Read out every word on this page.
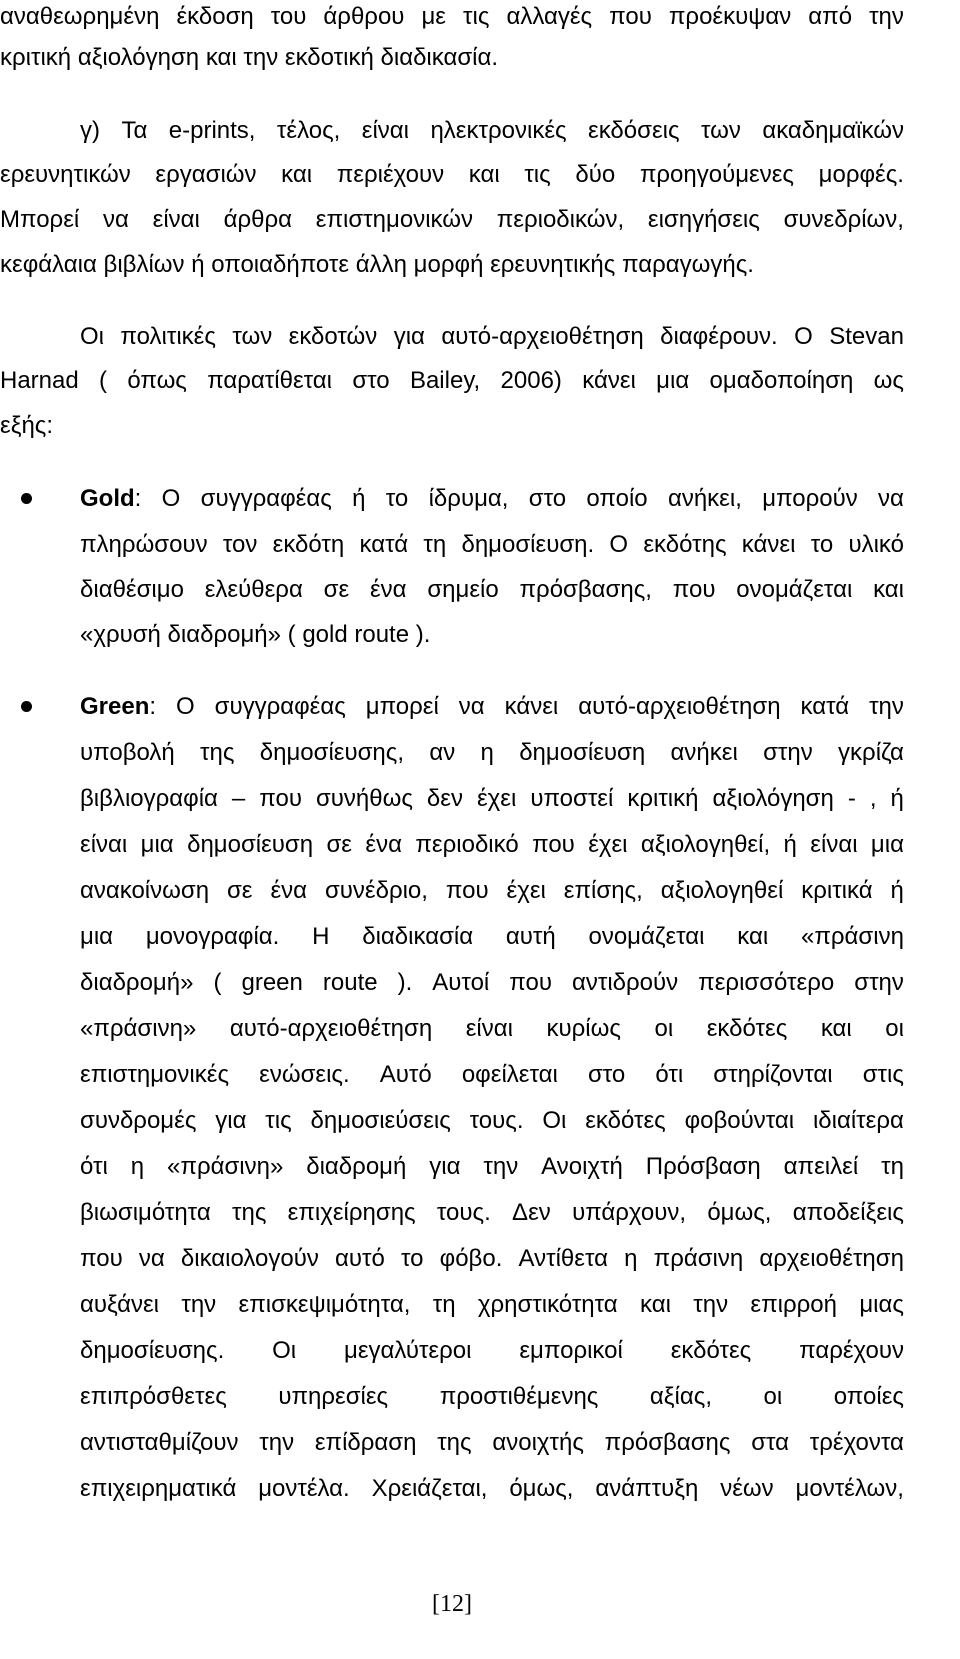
αναθεωρημένη έκδοση του άρθρου με τις αλλαγές που προέκυψαν από την
κριτική αξιολόγηση και την εκδοτική διαδικασία.
γ) Τα e-prints, τέλος, είναι ηλεκτρονικές εκδόσεις των ακαδημαϊκών
ερευνητικών εργασιών και περιέχουν και τις δύο προηγούμενες μορφές.
Μπορεί να είναι άρθρα επιστημονικών περιοδικών, εισηγήσεις συνεδρίων,
κεφάλαια βιβλίων ή οποιαδήποτε άλλη μορφή ερευνητικής παραγωγής.
Οι πολιτικές των εκδοτών για αυτό-αρχειοθέτηση διαφέρουν. Ο Stevan
Harnad ( όπως παρατίθεται στο Bailey, 2006) κάνει μια ομαδοποίηση ως
εξής:
Gold: Ο συγγραφέας ή το ίδρυμα, στο οποίο ανήκει, μπορούν να
πληρώσουν τον εκδότη κατά τη δημοσίευση. Ο εκδότης κάνει το υλικό
διαθέσιμο ελεύθερα σε ένα σημείο πρόσβασης, που ονομάζεται και
«χρυσή διαδρομή» ( gold route ).
Green: Ο συγγραφέας μπορεί να κάνει αυτό-αρχειοθέτηση κατά την
υποβολή της δημοσίευσης, αν η δημοσίευση ανήκει στην γκρίζα
βιβλιογραφία – που συνήθως δεν έχει υποστεί κριτική αξιολόγηση - , ή
είναι μια δημοσίευση σε ένα περιοδικό που έχει αξιολογηθεί, ή είναι μια
ανακοίνωση σε ένα συνέδριο, που έχει επίσης, αξιολογηθεί κριτικά ή
μια μονογραφία. Η διαδικασία αυτή ονομάζεται και «πράσινη
διαδρομή» ( green route ). Αυτοί που αντιδρούν περισσότερο στην
«πράσινη» αυτό-αρχειοθέτηση είναι κυρίως οι εκδότες και οι
επιστημονικές ενώσεις. Αυτό οφείλεται στο ότι στηρίζονται στις
συνδρομές για τις δημοσιεύσεις τους. Οι εκδότες φοβούνται ιδιαίτερα
ότι η «πράσινη» διαδρομή για την Ανοιχτή Πρόσβαση απειλεί τη
βιωσιμότητα της επιχείρησης τους. Δεν υπάρχουν, όμως, αποδείξεις
που να δικαιολογούν αυτό το φόβο. Αντίθετα η πράσινη αρχειοθέτηση
αυξάνει την επισκεψιμότητα, τη χρηστικότητα και την επιρροή μιας
δημοσίευσης. Οι μεγαλύτεροι εμπορικοί εκδότες παρέχουν
επιπρόσθετες υπηρεσίες προστιθέμενης αξίας, οι οποίες
αντισταθμίζουν την επίδραση της ανοιχτής πρόσβασης στα τρέχοντα
επιχειρηματικά μοντέλα. Χρειάζεται, όμως, ανάπτυξη νέων μοντέλων,
[12]
